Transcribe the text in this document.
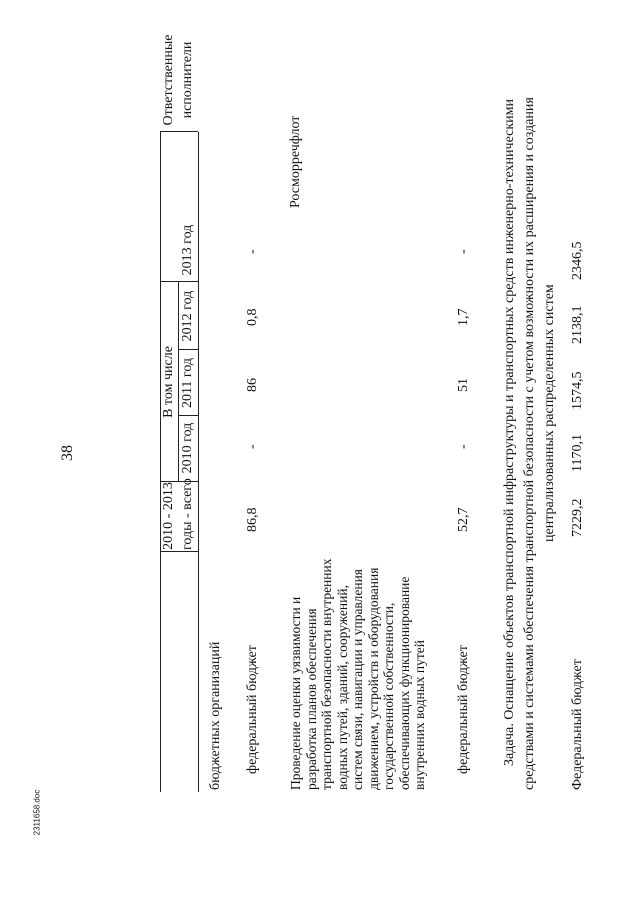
38
2010 - 2013 годы - всего
В том числе
2010 год
2011 год
2012 год
2013 год
Ответственные исполнители
бюджетных организаций федеральный бюджет
86,8
-
86
0,8
-
Проведение оценки уязвимости и
разработка планов обеспечения
транспортной безопасности внутренних
водных путей, зданий, сооружений,
систем связи, навигации и управления
движением, устройств и оборудования
государственной собственности,
обеспечивающих функционирование
внутренних водных путей
Росморречфлот
федеральный бюджет
52,7
-
51
1,7
- Задача. Оснащение объектов транспортной инфраструктуры и транспортных средств инженерно-техническими средствами и системами обеспечения транспортной безопасности с учетом возможности их расширения и создания централизованных распределенных систем
Федеральный бюджет
7229,2
1170,1
1574,5
2138,1
2346,5
2311658.doc
